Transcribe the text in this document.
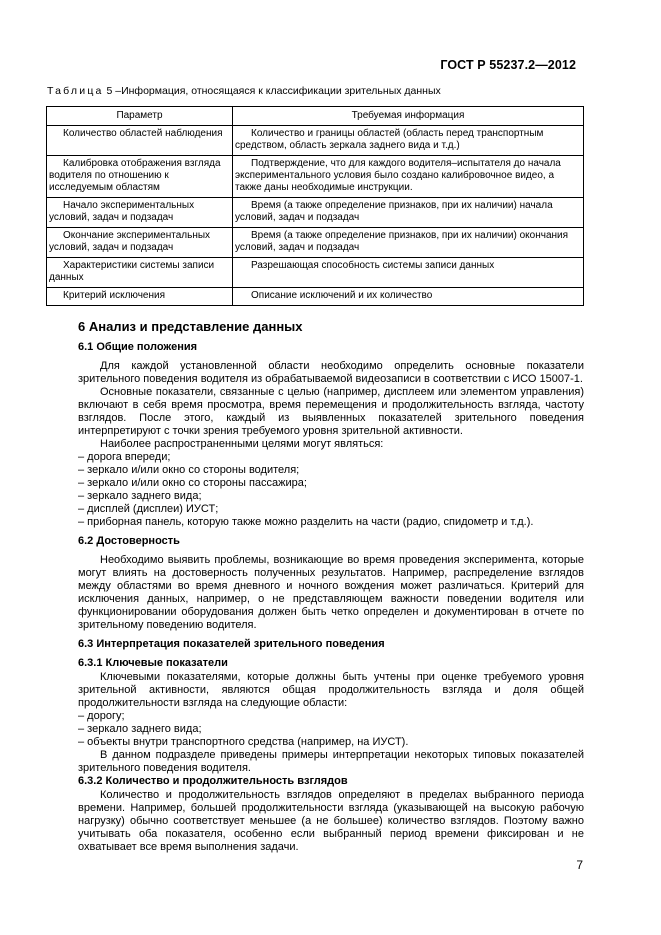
ГОСТ Р 55237.2—2012
Таблица 5 –Информация, относящаяся к классификации зрительных данных
Параметр	Требуемая информация
Количество областей наблюдения	Количество и границы областей (область перед транспортным средством, область зеркала заднего вида и т.д.)
Калибровка отображения взгляда водителя по отношению к исследуемым областям	Подтверждение, что для каждого водителя–испытателя до начала экспериментального условия было создано калибровочное видео, а также даны необходимые инструкции.
Начало экспериментальных условий, задач и подзадач	Время (а также определение признаков, при их наличии) начала условий, задач и подзадач
Окончание экспериментальных условий, задач и подзадач	Время (а также определение признаков, при их наличии) окончания условий, задач и подзадач
Характеристики системы записи данных	Разрешающая способность системы записи данных
Критерий исключения	Описание исключений и их количество
6 Анализ и представление данных
6.1 Общие положения

Для каждой установленной области необходимо определить основные показатели зрительного поведения водителя из обрабатываемой видеозаписи в соответствии с ИСО 15007-1.

Основные показатели, связанные с целью (например, дисплеем или элементом управления) включают в себя время просмотра, время перемещения и продолжительность взгляда, частоту взглядов. После этого, каждый из выявленных показателей зрительного поведения интерпретируют с точки зрения требуемого уровня зрительной активности.

Наиболее распространенными целями могут являться:

– дорога впереди;

– зеркало и/или окно со стороны водителя;

– зеркало и/или окно со стороны пассажира;

– зеркало заднего вида;

– дисплей (дисплеи) ИУСТ;

– приборная панель, которую также можно разделить на части (радио, спидометр и т.д.).

6.2 Достоверность

Необходимо выявить проблемы, возникающие во время проведения эксперимента, которые могут влиять на достоверность полученных результатов. Например, распределение взглядов между областями во время дневного и ночного вождения может различаться. Критерий для исключения данных, например, о не представляющем важности поведении водителя или функционировании оборудования должен быть четко определен и документирован в отчете по зрительному поведению водителя.

6.3 Интерпретация показателей зрительного поведения
6.3.1 Ключевые показатели

Ключевыми показателями, которые должны быть учтены при оценке требуемого уровня зрительной активности, являются общая продолжительность взгляда и доля общей продолжительности взгляда на следующие области:

– дорогу;

– зеркало заднего вида;

– объекты внутри транспортного средства (например, на ИУСТ).

В данном подразделе приведены примеры интерпретации некоторых типовых показателей зрительного поведения водителя.

6.3.2 Количество и продолжительность взглядов

Количество и продолжительность взглядов определяют в пределах выбранного периода времени. Например, большей продолжительности взгляда (указывающей на высокую рабочую нагрузку) обычно соответствует меньшее (а не большее) количество взглядов. Поэтому важно учитывать оба показателя, особенно если выбранный период времени фиксирован и не охватывает все время выполнения задачи.

7
